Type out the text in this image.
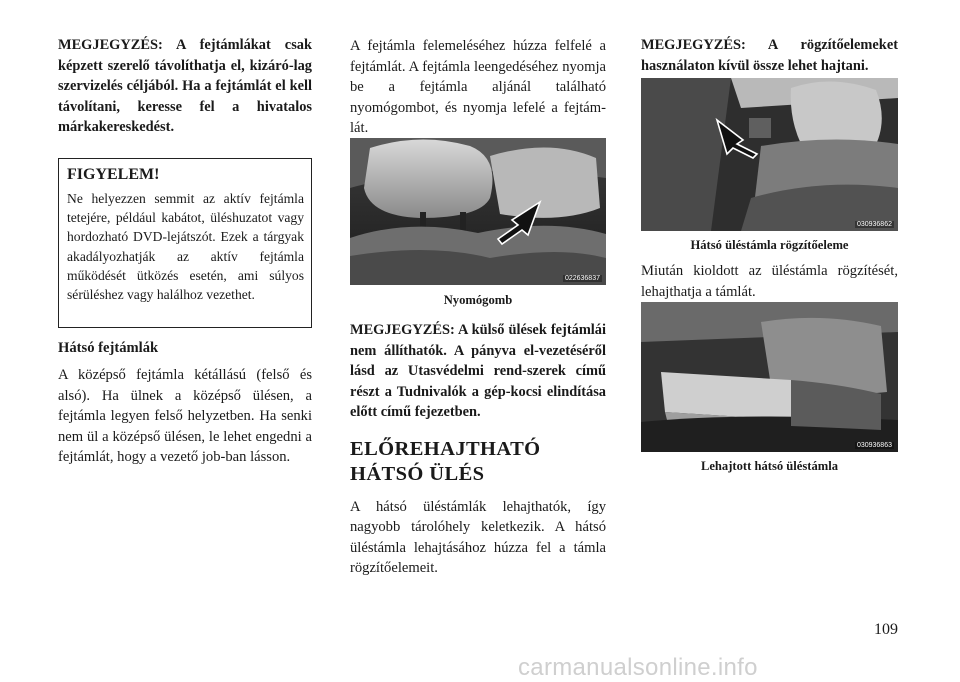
MEGJEGYZÉS: A fejtámlákat csak képzett szerelő távolíthatja el, kizáró-lag szervizelés céljából. Ha a fejtámlát el kell távolítani, keresse fel a hivatalos márkakereskedést.

FIGYELEM!

Ne helyezzen semmit az aktív fejtámla tetejére, például kabátot, üléshuzatot vagy hordozható DVD-lejátszót. Ezek a tárgyak akadályozhatják az aktív fejtámla működését ütközés esetén, ami súlyos sérüléshez vagy halálhoz vezethet.

Hátsó fejtámlák

A középső fejtámla kétállású (felső és alsó). Ha ülnek a középső ülésen, a fejtámla legyen felső helyzetben. Ha senki nem ül a középső ülésen, le lehet engedni a fejtámlát, hogy a vezető job-ban lásson.

A fejtámla felemeléséhez húzza felfelé a fejtámlát. A fejtámla leengedéséhez nyomja be a fejtámla aljánál található nyomógombot, és nyomja lefelé a fejtám-lát.

022636837
Nyomógomb

MEGJEGYZÉS: A külső ülések fejtámlái nem állíthatók. A pányva el-vezetéséről lásd az Utasvédelmi rend-szerek című részt a Tudnivalók a gép-kocsi elindítása előtt című fejezetben.

ELŐREHAJTHATÓ

HÁTSÓ ÜLÉS

A hátsó üléstámlák lehajthatók, így nagyobb tárolóhely keletkezik. A hátsó üléstámla lehajtásához húzza fel a támla rögzítőelemeit.

MEGJEGYZÉS: A rögzítőelemeket használaton kívül össze lehet hajtani.

030936862
Hátsó üléstámla rögzítőeleme

Miután kioldott az üléstámla rögzítését, lehajthatja a támlát.

030936863
Lehajtott hátsó üléstámla
109
carmanualsonline.info
